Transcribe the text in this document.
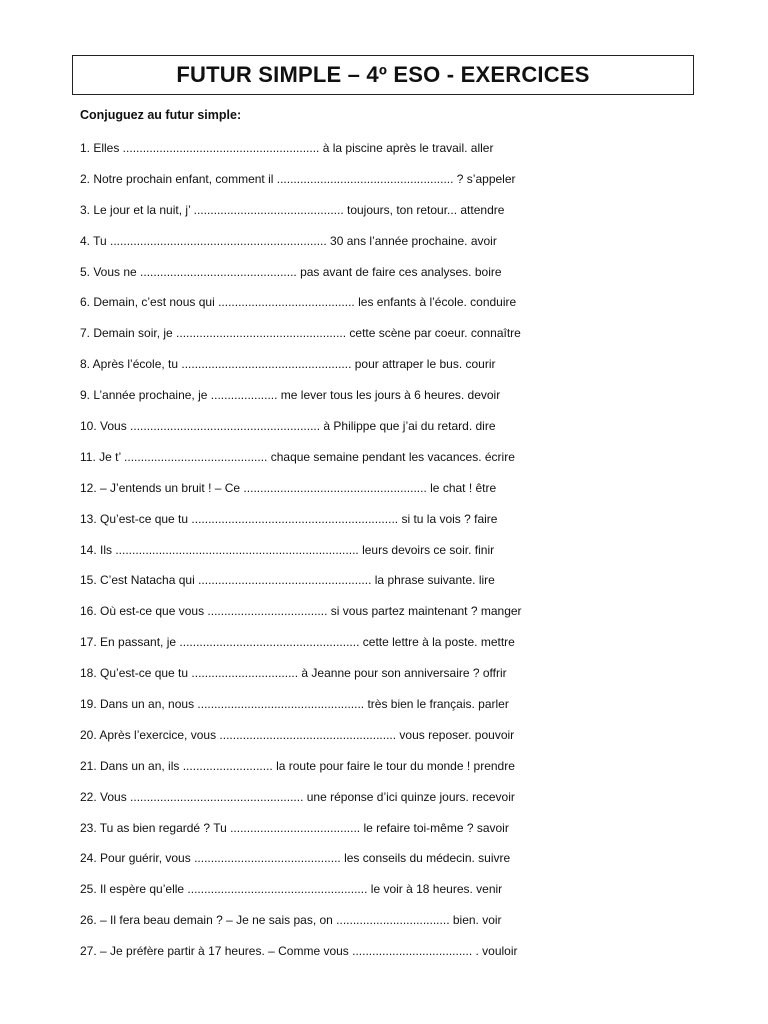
FUTUR SIMPLE – 4º ESO - EXERCICES
Conjuguez au futur simple:
1. Elles ........................................................... à la piscine après le travail. aller
2. Notre prochain enfant, comment il ..................................................... ? s’appeler
3. Le jour et la nuit, j’ ............................................. toujours, ton retour... attendre
4. Tu ................................................................. 30 ans l’année prochaine. avoir
5. Vous ne ............................................... pas avant de faire ces analyses. boire
6. Demain, c’est nous qui ......................................... les enfants à l’école. conduire
7. Demain soir, je ................................................... cette scène par coeur. connaître
8. Après l’école, tu ................................................... pour attraper le bus. courir
9. L’année prochaine, je .................... me lever tous les jours à 6 heures. devoir
10. Vous ......................................................... à Philippe que j’ai du retard. dire
11. Je t’ ........................................... chaque semaine pendant les vacances. écrire
12. – J’entends un bruit ! – Ce ....................................................... le chat ! être
13. Qu’est-ce que tu .............................................................. si tu la vois ? faire
14. Ils ......................................................................... leurs devoirs ce soir. finir
15. C’est Natacha qui .................................................... la phrase suivante. lire
16. Où est-ce que vous .................................... si vous partez maintenant ? manger
17. En passant, je ...................................................... cette lettre à la poste. mettre
18. Qu’est-ce que tu ................................ à Jeanne pour son anniversaire ? offrir
19. Dans un an, nous .................................................. très bien le français. parler
20. Après l’exercice, vous ..................................................... vous reposer. pouvoir
21. Dans un an, ils ........................... la route pour faire le tour du monde ! prendre
22. Vous .................................................... une réponse d’ici quinze jours. recevoir
23. Tu as bien regardé ? Tu ....................................... le refaire toi-même ? savoir
24. Pour guérir, vous ............................................ les conseils du médecin. suivre
25. Il espère qu’elle ...................................................... le voir à 18 heures. venir
26. – Il fera beau demain ? – Je ne sais pas, on .................................. bien. voir
27. – Je préfère partir à 17 heures. – Comme vous .................................... . vouloir
